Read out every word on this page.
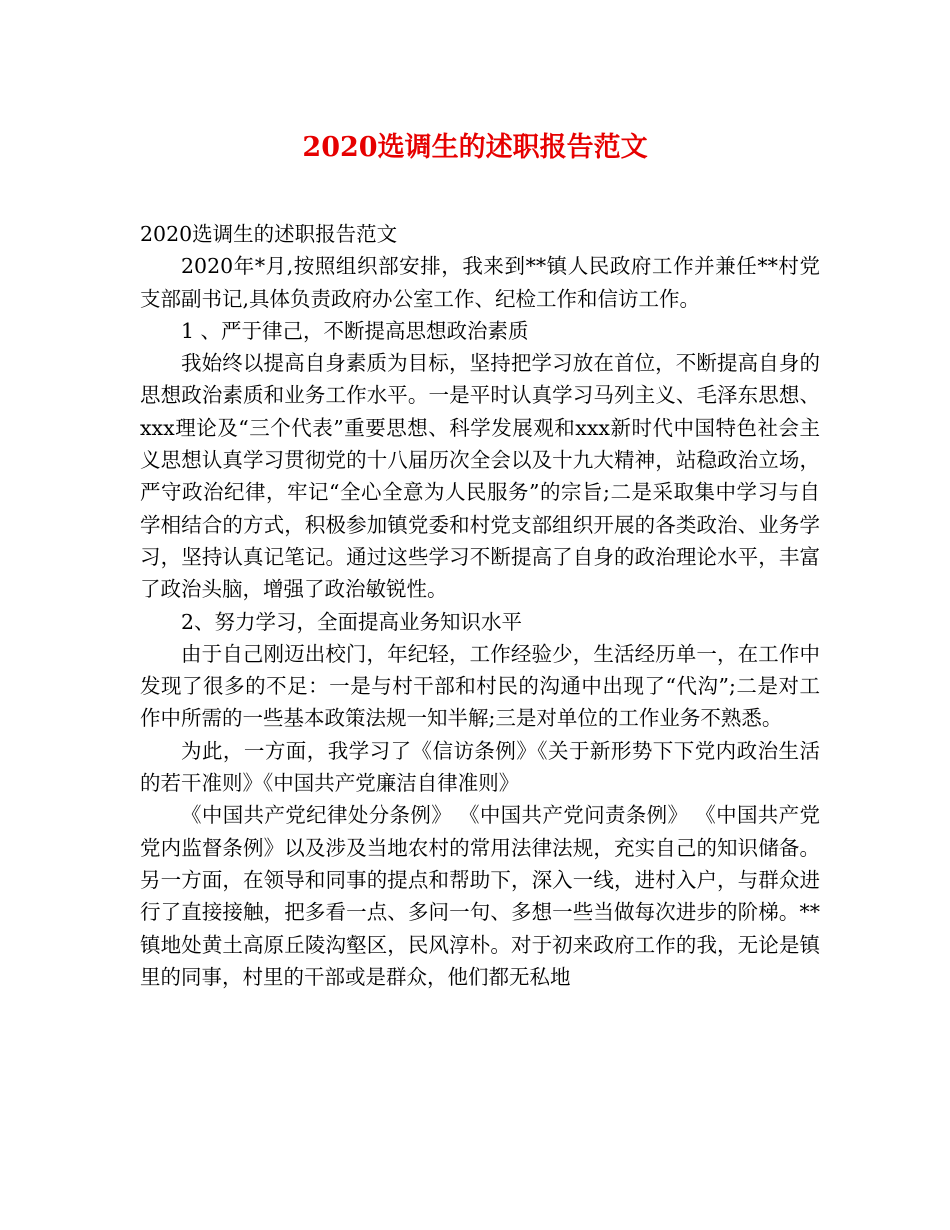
2020选调生的述职报告范文

2020选调生的述职报告范文

2020年*月,按照组织部安排，我来到**镇人民政府工作并兼任**村党支部副书记,具体负责政府办公室工作、纪检工作和信访工作。

1 、严于律己，不断提高思想政治素质

我始终以提高自身素质为目标，坚持把学习放在首位，不断提高自身的思想政治素质和业务工作水平。一是平时认真学习马列主义、毛泽东思想、xxx理论及“三个代表”重要思想、科学发展观和xxx新时代中国特色社会主义思想认真学习贯彻党的十八届历次全会以及十九大精神，站稳政治立场，严守政治纪律，牢记“全心全意为人民服务”的宗旨;二是采取集中学习与自学相结合的方式，积极参加镇党委和村党支部组织开展的各类政治、业务学习，坚持认真记笔记。通过这些学习不断提高了自身的政治理论水平，丰富了政治头脑，增强了政治敏锐性。

2、努力学习，全面提高业务知识水平

由于自己刚迈出校门，年纪轻，工作经验少，生活经历单一，在工作中发现了很多的不足：一是与村干部和村民的沟通中出现了“代沟”;二是对工作中所需的一些基本政策法规一知半解;三是对单位的工作业务不熟悉。

为此，一方面，我学习了《信访条例》《关于新形势下下党内政治生活的若干准则》《中国共产党廉洁自律准则》

《中国共产党纪律处分条例》 《中国共产党问责条例》 《中国共产党党内监督条例》以及涉及当地农村的常用法律法规，充实自己的知识储备。另一方面，在领导和同事的提点和帮助下，深入一线，进村入户，与群众进行了直接接触，把多看一点、多问一句、多想一些当做每次进步的阶梯。**镇地处黄土高原丘陵沟壑区，民风淳朴。对于初来政府工作的我，无论是镇里的同事，村里的干部或是群众，他们都无私地
